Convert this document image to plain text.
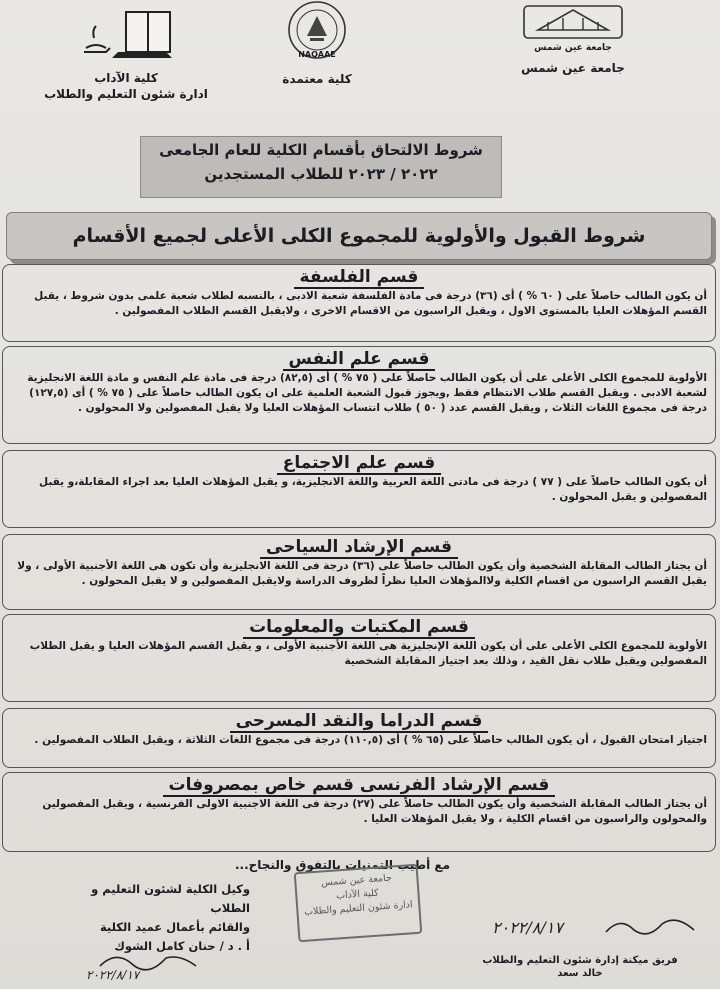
جامعة عين شمس
جامعة عين شمس
NAQAAE
كلية معتمدة
كلية الآداب
ادارة شئون التعليم والطلاب
شروط الالتحاق بأقسام الكلية للعام الجامعى
٢٠٢٢ / ٢٠٢٣ للطلاب المستجدين
شروط القبول والأولوية للمجموع الكلى الأعلى لجميع الأقسام
قسم الفلسفة
أن يكون الطالب حاصلاً على ( ٦٠ % ) أى (٣٦) درجة فى مادة الفلسفة شعبة الادبى ، بالنسبه لطلاب شعبة علمى بدون شروط ، يقبل القسم المؤهلات العليا بالمستوى الاول ، ويقبل الراسبون من الاقسام الاخرى ، ولايقبل القسم الطلاب المفصولين .
قسم علم النفس
الأولوية للمجموع الكلى الأعلى على أن يكون الطالب حاصلاً على ( ٧٥ % ) أى (٨٢,٥) درجة فى مادة علم النفس و مادة اللغة الانجليزية لشعبة الادبى . ويقبل القسم طلاب الانتظام فقط ,ويجوز قبول الشعبة العلمية على ان يكون الطالب حاصلاً على ( ٧٥ % ) أى (١٢٧,٥) درجة فى مجموع اللغات الثلاث , ويقبل القسم عدد ( ٥٠ ) طلاب انتساب المؤهلات العليا ولا يقبل المفصولين ولا المحولون .
قسم علم الاجتماع
أن يكون الطالب حاصلاً على ( ٧٧ ) درجة فى مادتى اللغة العربية واللغة الانجليزية، و يقبل المؤهلات العليا بعد اجراء المقابلة،و يقبل المفصولين و يقبل المحولون .
قسم الإرشاد السياحى
أن يجتاز الطالب المقابلة الشخصية وأن يكون الطالب حاصلاً على (٣٦) درجة فى اللغة الانجليزية وأن تكون هى اللغة الأجنبية الأولى ، ولا يقبل القسم الراسبون من اقسام الكلية ولاالمؤهلات العليا نظراً لظروف الدراسة ولايقبل المفصولين و لا يقبل المحولون .
قسم المكتبات والمعلومات
الأولوية للمجموع الكلى الأعلى على أن يكون اللغة الإنجليزية هى اللغة الأجنبية الأولى ، و يقبل القسم المؤهلات العليا و يقبل الطلاب المفصولين ويقبل طلاب نقل القيد ، وذلك بعد اجتياز المقابلة الشخصية
قسم الدراما والنقد المسرحى
اجتياز امتحان القبول ، أن يكون الطالب حاصلاً على (٦٥ % ) أى (١١٠,٥) درجة فى مجموع اللغات الثلاثة ، ويقبل الطلاب المفصولين .
قسم الإرشاد الفرنسى قسم خاص بمصروفات
أن يجتاز الطالب المقابلة الشخصية وأن يكون الطالب حاصلاً على (٢٧) درجة فى اللغة الاجنبية الاولى الفرنسية ، ويقبل المفصولين والمحولون والراسبون من اقسام الكلية ، ولا يقبل المؤهلات العليا .
مع أطيب التمنيات بالتفوق والنجاح...
وكيل الكلية لشئون التعليم و الطلاب
والقائم بأعمال عميد الكلية
أ . د / حنان كامل الشوك
٢٠٢٢/٨/١٧
جامعة عين شمس
كلية الآداب
ادارة شئون التعليم والطلاب
٢٠٢٢/٨/١٧
فريق ميكنة إدارة شئون التعليم والطلاب
خالد سعد
